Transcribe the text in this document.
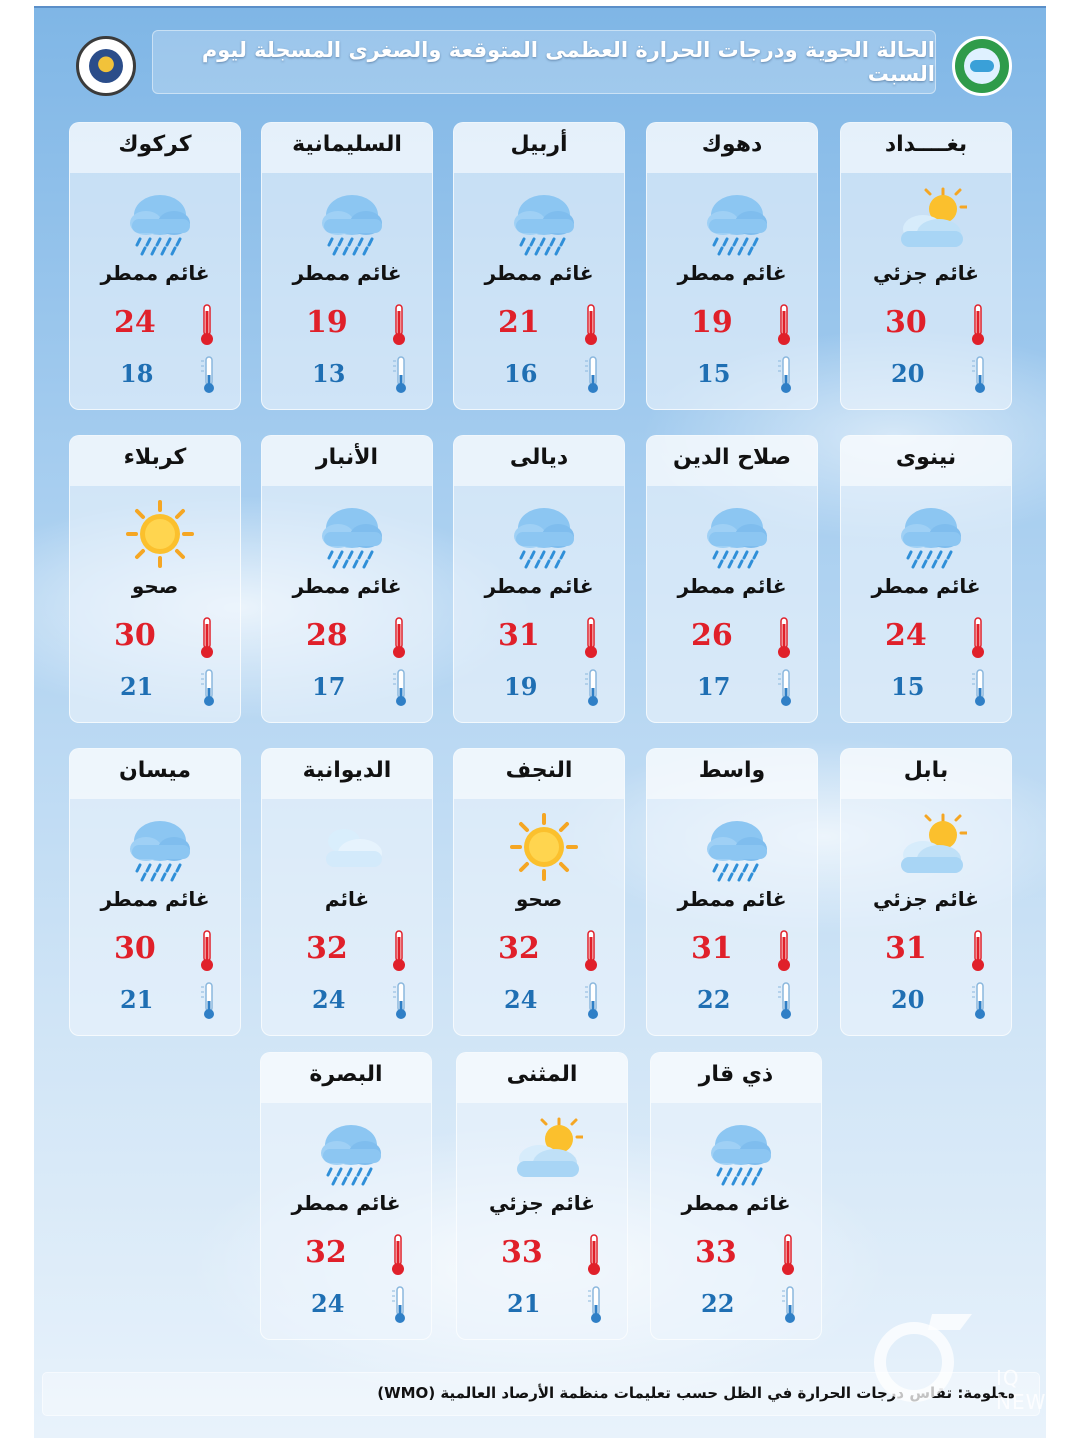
الحالة الجوية ودرجات الحرارة العظمى المتوقعة والصغرى المسجلة ليوم السبت
بغــــداد
غائم جزئي
30
20
دهوك
غائم ممطر
19
15
أربيل
غائم ممطر
21
16
السليمانية
غائم ممطر
19
13
كركوك
غائم ممطر
24
18
نينوى
غائم ممطر
24
15
صلاح الدين
غائم ممطر
26
17
ديالى
غائم ممطر
31
19
الأنبار
غائم ممطر
28
17
كربلاء
صحو
30
21
بابل
غائم جزئي
31
20
واسط
غائم ممطر
31
22
النجف
صحو
32
24
الديوانية
غائم
32
24
ميسان
غائم ممطر
30
21
ذي قار
غائم ممطر
33
22
المثنى
غائم جزئي
33
21
البصرة
غائم ممطر
32
24
معلومة: تقاس درجات الحرارة في الظل حسب تعليمات منظمة الأرصاد العالمية (WMO)
IQ NEW
